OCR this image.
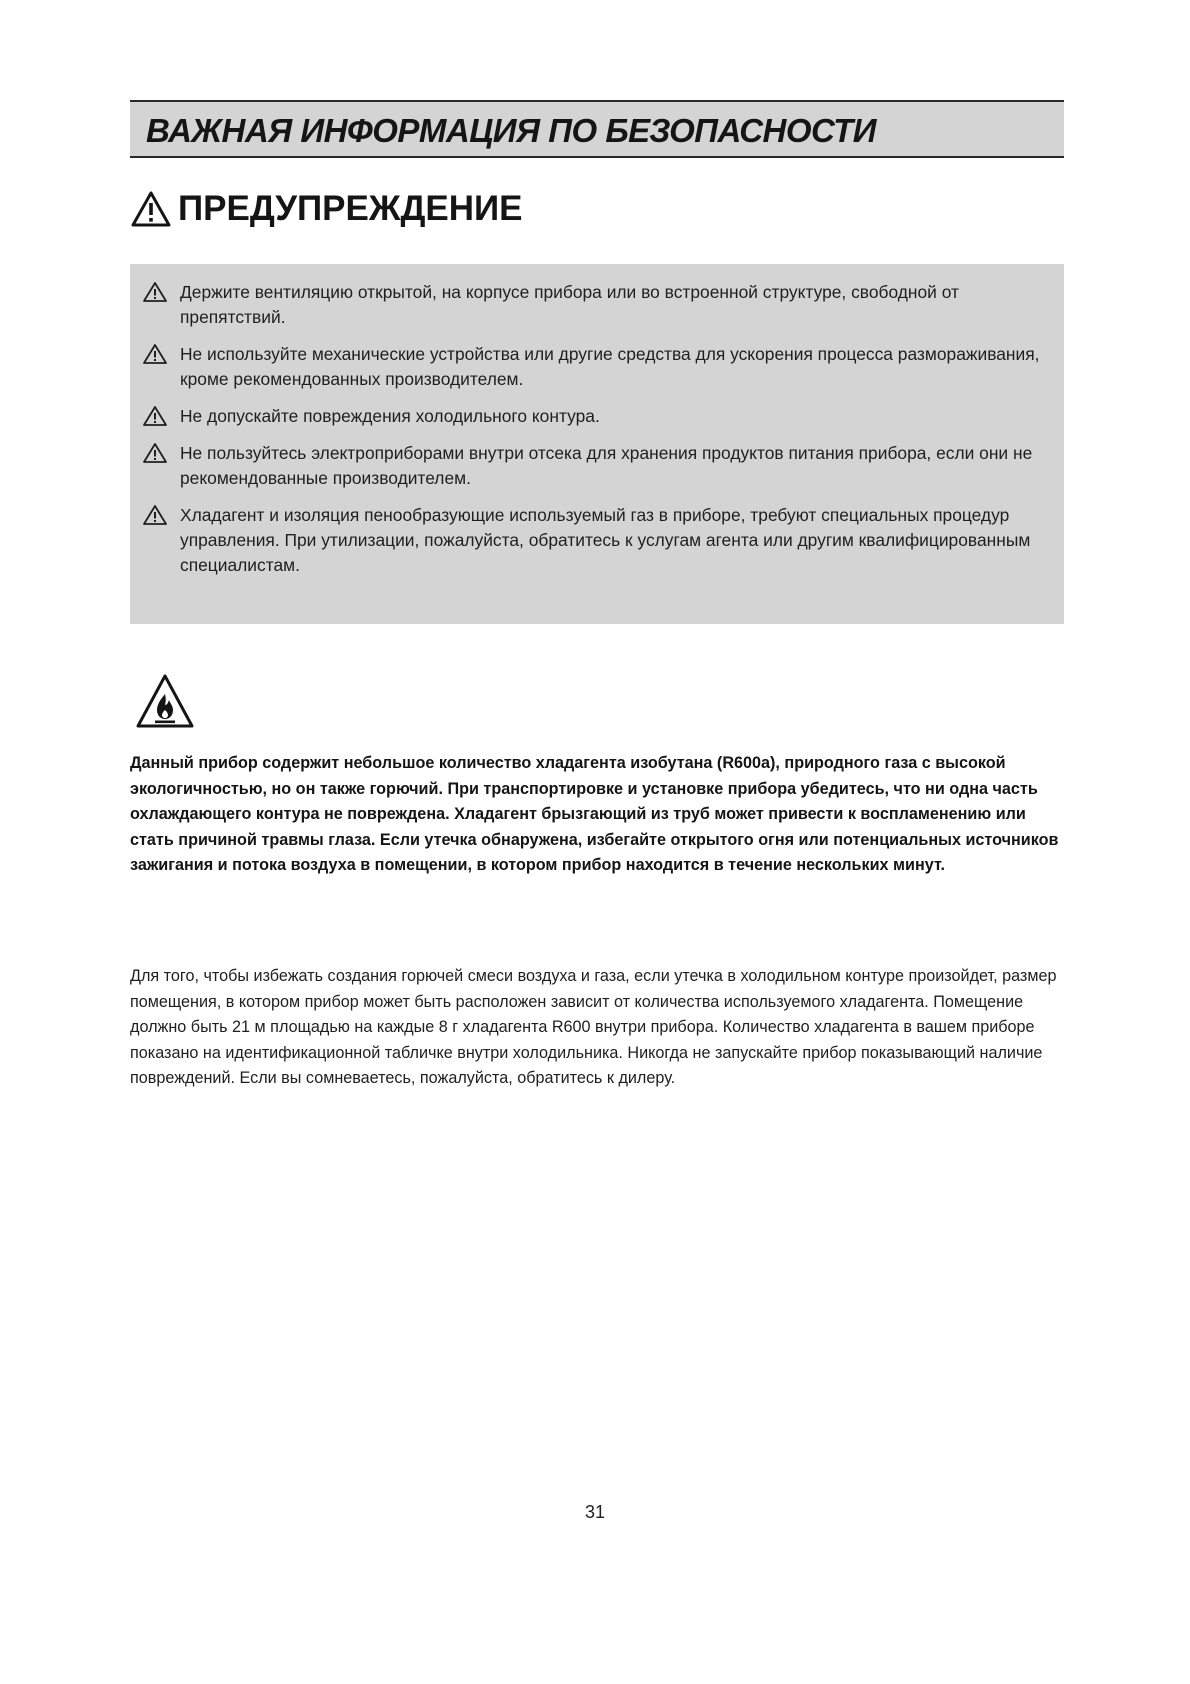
ВАЖНАЯ ИНФОРМАЦИЯ ПО БЕЗОПАСНОСТИ
ПРЕДУПРЕЖДЕНИЕ
Держите вентиляцию открытой, на корпусе прибора или во встроенной структуре, свободной от препятствий.
Не используйте механические устройства или другие средства для ускорения процесса размораживания, кроме рекомендованных производителем.
Не допускайте повреждения холодильного контура.
Не пользуйтесь электроприборами внутри отсека для хранения продуктов питания прибора, если они не рекомендованные производителем.
Хладагент и изоляция пенообразующие используемый газ в приборе, требуют специальных процедур управления. При утилизации, пожалуйста, обратитесь к услугам агента или другим квалифицированным специалистам.
Данный прибор содержит небольшое количество хладагента изобутана (R600a), природного газа с высокой экологичностью, но он также горючий. При транспортировке и установке прибора убедитесь, что ни одна часть охлаждающего контура не повреждена. Хладагент брызгающий из труб может привести к воспламенению или стать причиной травмы глаза. Если утечка обнаружена, избегайте открытого огня или потенциальных источников зажигания и потока воздуха в помещении, в котором прибор находится в течение нескольких минут.
Для того, чтобы избежать создания горючей смеси воздуха и газа, если утечка в холодильном контуре произойдет, размер помещения, в котором прибор может быть расположен зависит от количества используемого хладагента. Помещение должно быть 21 м площадью на каждые 8 г хладагента R600 внутри прибора. Количество хладагента в вашем приборе показано на идентификационной табличке внутри холодильника. Никогда не запускайте прибор показывающий наличие повреждений. Если вы сомневаетесь, пожалуйста, обратитесь к дилеру.
31
